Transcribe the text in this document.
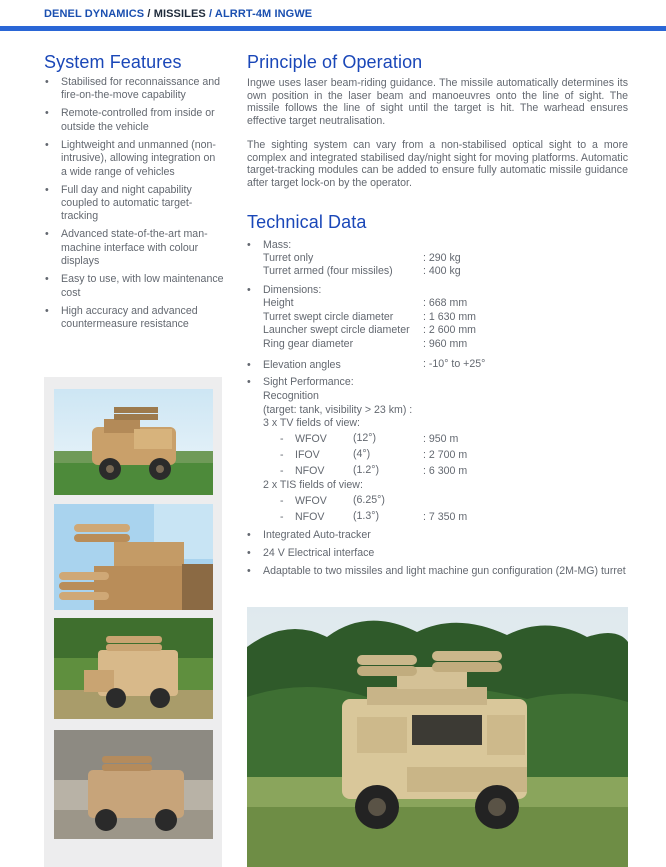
DENEL DYNAMICS / MISSILES / ALRRT-4M INGWE
System Features
• Stabilised for reconnaissance and fire-on-the-move capability
• Remote-controlled from inside or outside the vehicle
• Lightweight and unmanned (non-intrusive), allowing integration on a wide range of vehicles
• Full day and night capability coupled to automatic target-tracking
• Advanced state-of-the-art man-machine interface with colour displays
• Easy to use, with low maintenance cost
• High accuracy and advanced countermeasure resistance
Principle of Operation

Ingwe uses laser beam-riding guidance. The missile automatically determines its own position in the laser beam and manoeuvres onto the line of sight. The missile follows the line of sight until the target is hit. The warhead ensures effective target neutralisation.

The sighting system can vary from a non-stabilised optical sight to a more complex and integrated stabilised day/night sight for moving platforms. Automatic target-tracking modules can be added to ensure fully automatic missile guidance after target lock-on by the operator.

Technical Data
• Mass:
Turret only	: 290 kg
Turret armed (four missiles)	: 400 kg
• Dimensions:
Height	: 668 mm
Turret swept circle diameter	: 1 630 mm
Launcher swept circle diameter : 2 600 mm
Ring gear diameter	: 960 mm
• Elevation angles	: -10° to +25°
• Sight Performance:
Recognition
(target: tank, visibility > 23 km) :
3 x TV fields of view:
- WFOV (12°)	: 950 m
- IFOV	(4°)	: 2 700 m
- NFOV	(1.2°)	: 6 300 m
2 x TIS fields of view:
- WFOV (6.25°)
- NFOV	(1.3°)	: 7 350 m
• Integrated Auto-tracker
• 24 V Electrical interface
• Adaptable to two missiles and light machine gun configuration (2M-MG) turret
